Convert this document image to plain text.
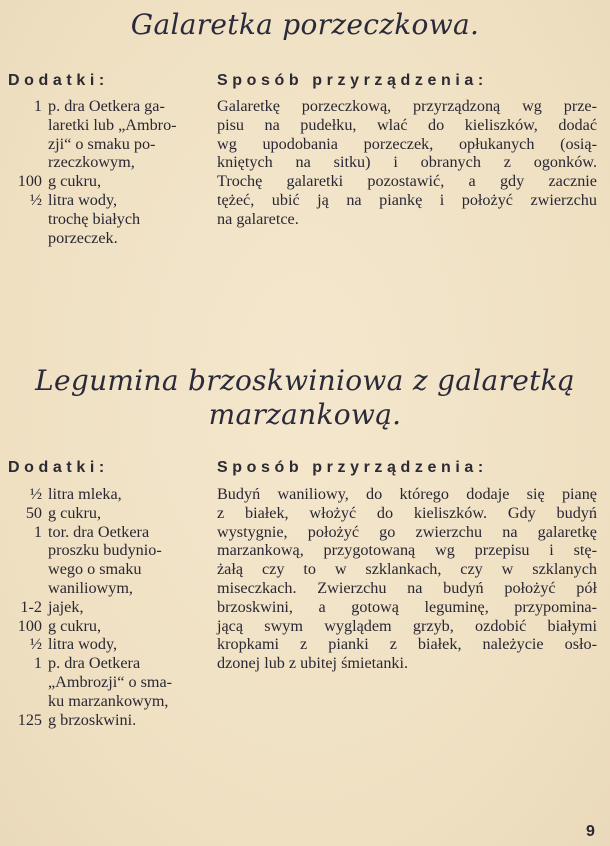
Galaretka porzeczkowa.
Dodatki:	Sposób przyrządzenia:
1 p. dra Oetkera ga-
laretki lub „Ambro-
zji“ o smaku po-
rzeczkowym,
100 g cukru,
½ litra wody,
trochę białych
porzeczek.
Galaretkę porzeczkową, przyrządzoną wg prze-
pisu na pudełku, wlać do kieliszków, dodać
wg upodobania porzeczek, opłukanych (osią-
kniętych na sitku) i obranych z ogonków.
Trochę galaretki pozostawić, a gdy zacznie
tężeć, ubić ją na piankę i położyć zwierzchu
na galaretce.
Legumina brzoskwiniowa z galaretką
marzankową.
Dodatki:	Sposób przyrządzenia:
½ litra mleka,
50 g cukru,
1 tor. dra Oetkera
proszku budynio-
wego o smaku
waniliowym,
1-2 jajek,
100 g cukru,
½ litra wody,
1 p. dra Oetkera
„Ambrozji“ o sma-
ku marzankowym,
125 g brzoskwini.
Budyń waniliowy, do którego dodaje się pianę
z białek, włożyć do kieliszków. Gdy budyń
wystygnie, położyć go zwierzchu na galaretkę
marzankową, przygotowaną wg przepisu i stę-
żałą czy to w szklankach, czy w szklanych
miseczkach. Zwierzchu na budyń położyć pół
brzoskwini, a gotową leguminę, przypomina-
jącą swym wyglądem grzyb, ozdobić białymi
kropkami z pianki z białek, należycie osło-
dzonej lub z ubitej śmietanki.
9
